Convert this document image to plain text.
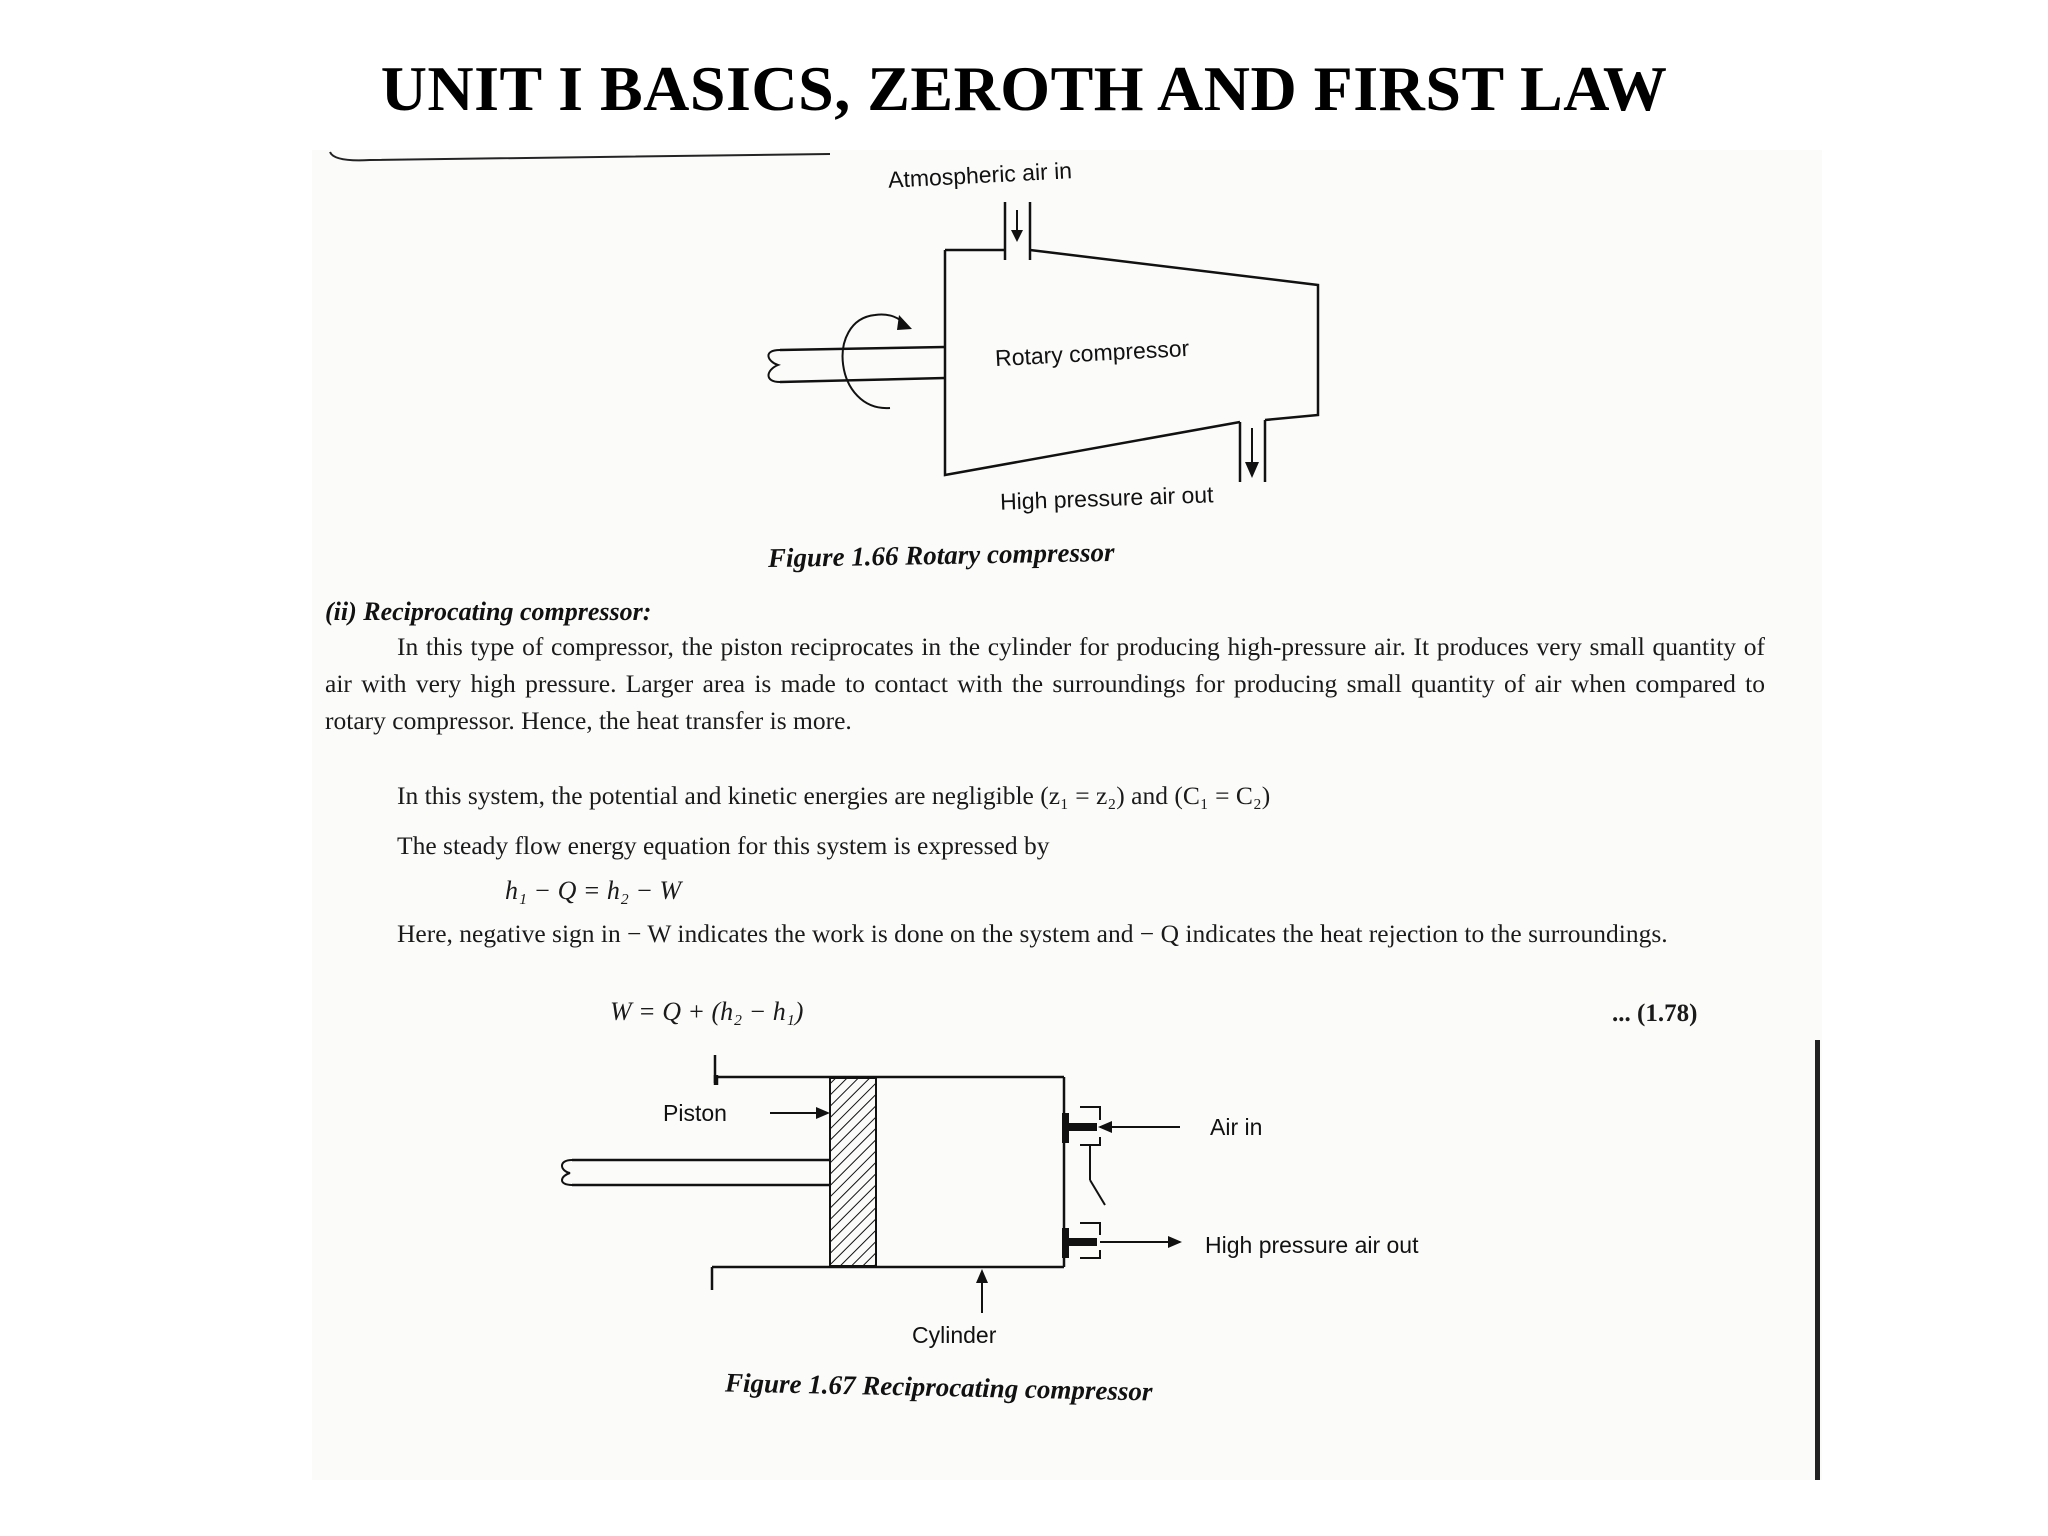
UNIT I BASICS, ZEROTH AND FIRST LAW
Atmospheric air in
Rotary compressor
High pressure air out
Figure 1.66 Rotary compressor
(ii) Reciprocating compressor:
In this type of compressor, the piston reciprocates in the cylinder for producing high-pressure air. It produces very small quantity of air with very high pressure. Larger area is made to contact with the surroundings for producing small quantity of air when compared to rotary compressor. Hence, the heat transfer is more.
In this system, the potential and kinetic energies are negligible (z₁ = z₂) and (C₁ = C₂)
The steady flow energy equation for this system is expressed by
h₁ − Q = h₂ − W
Here, negative sign in − W indicates the work is done on the system and − Q indicates the heat rejection to the surroundings.
W = Q + (h₂ − h₁)	... (1.78)
Piston
Air in
High pressure air out
Cylinder
Figure 1.67 Reciprocating compressor
